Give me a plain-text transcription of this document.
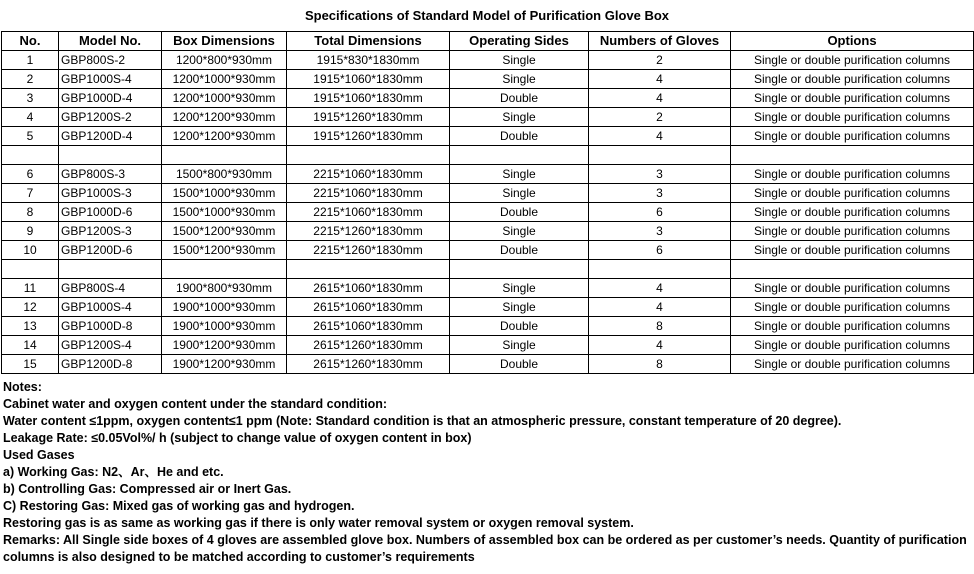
Specifications of Standard Model of Purification Glove Box
No.	Model No.	Box Dimensions	Total Dimensions	Operating Sides	Numbers of Gloves	Options
1	GBP800S-2	1200*800*930mm	1915*830*1830mm	Single	2	Single or double purification columns
2	GBP1000S-4	1200*1000*930mm	1915*1060*1830mm	Single	4	Single or double purification columns
3	GBP1000D-4	1200*1000*930mm	1915*1060*1830mm	Double	4	Single or double purification columns
4	GBP1200S-2	1200*1200*930mm	1915*1260*1830mm	Single	2	Single or double purification columns
5	GBP1200D-4	1200*1200*930mm	1915*1260*1830mm	Double	4	Single or double purification columns

6	GBP800S-3	1500*800*930mm	2215*1060*1830mm	Single	3	Single or double purification columns
7	GBP1000S-3	1500*1000*930mm	2215*1060*1830mm	Single	3	Single or double purification columns
8	GBP1000D-6	1500*1000*930mm	2215*1060*1830mm	Double	6	Single or double purification columns
9	GBP1200S-3	1500*1200*930mm	2215*1260*1830mm	Single	3	Single or double purification columns
10	GBP1200D-6	1500*1200*930mm	2215*1260*1830mm	Double	6	Single or double purification columns

11	GBP800S-4	1900*800*930mm	2615*1060*1830mm	Single	4	Single or double purification columns
12	GBP1000S-4	1900*1000*930mm	2615*1060*1830mm	Single	4	Single or double purification columns
13	GBP1000D-8	1900*1000*930mm	2615*1060*1830mm	Double	8	Single or double purification columns
14	GBP1200S-4	1900*1200*930mm	2615*1260*1830mm	Single	4	Single or double purification columns
15	GBP1200D-8	1900*1200*930mm	2615*1260*1830mm	Double	8	Single or double purification columns
Notes:
Cabinet water and oxygen content under the standard condition:
Water content ≤1ppm, oxygen content≤1 ppm (Note: Standard condition is that an atmospheric pressure, constant temperature of 20 degree).
Leakage Rate: ≤0.05Vol%/ h (subject to change value of oxygen content in box)
Used Gases
a) Working Gas: N2、Ar、He and etc.
b) Controlling Gas: Compressed air or Inert Gas.
C) Restoring Gas: Mixed gas of working gas and hydrogen.
Restoring gas is as same as working gas if there is only water removal system or oxygen removal system.
Remarks: All Single side boxes of 4 gloves are assembled glove box. Numbers of assembled box can be ordered as per customer’s needs. Quantity of purification columns is also designed to be matched according to customer’s requirements
